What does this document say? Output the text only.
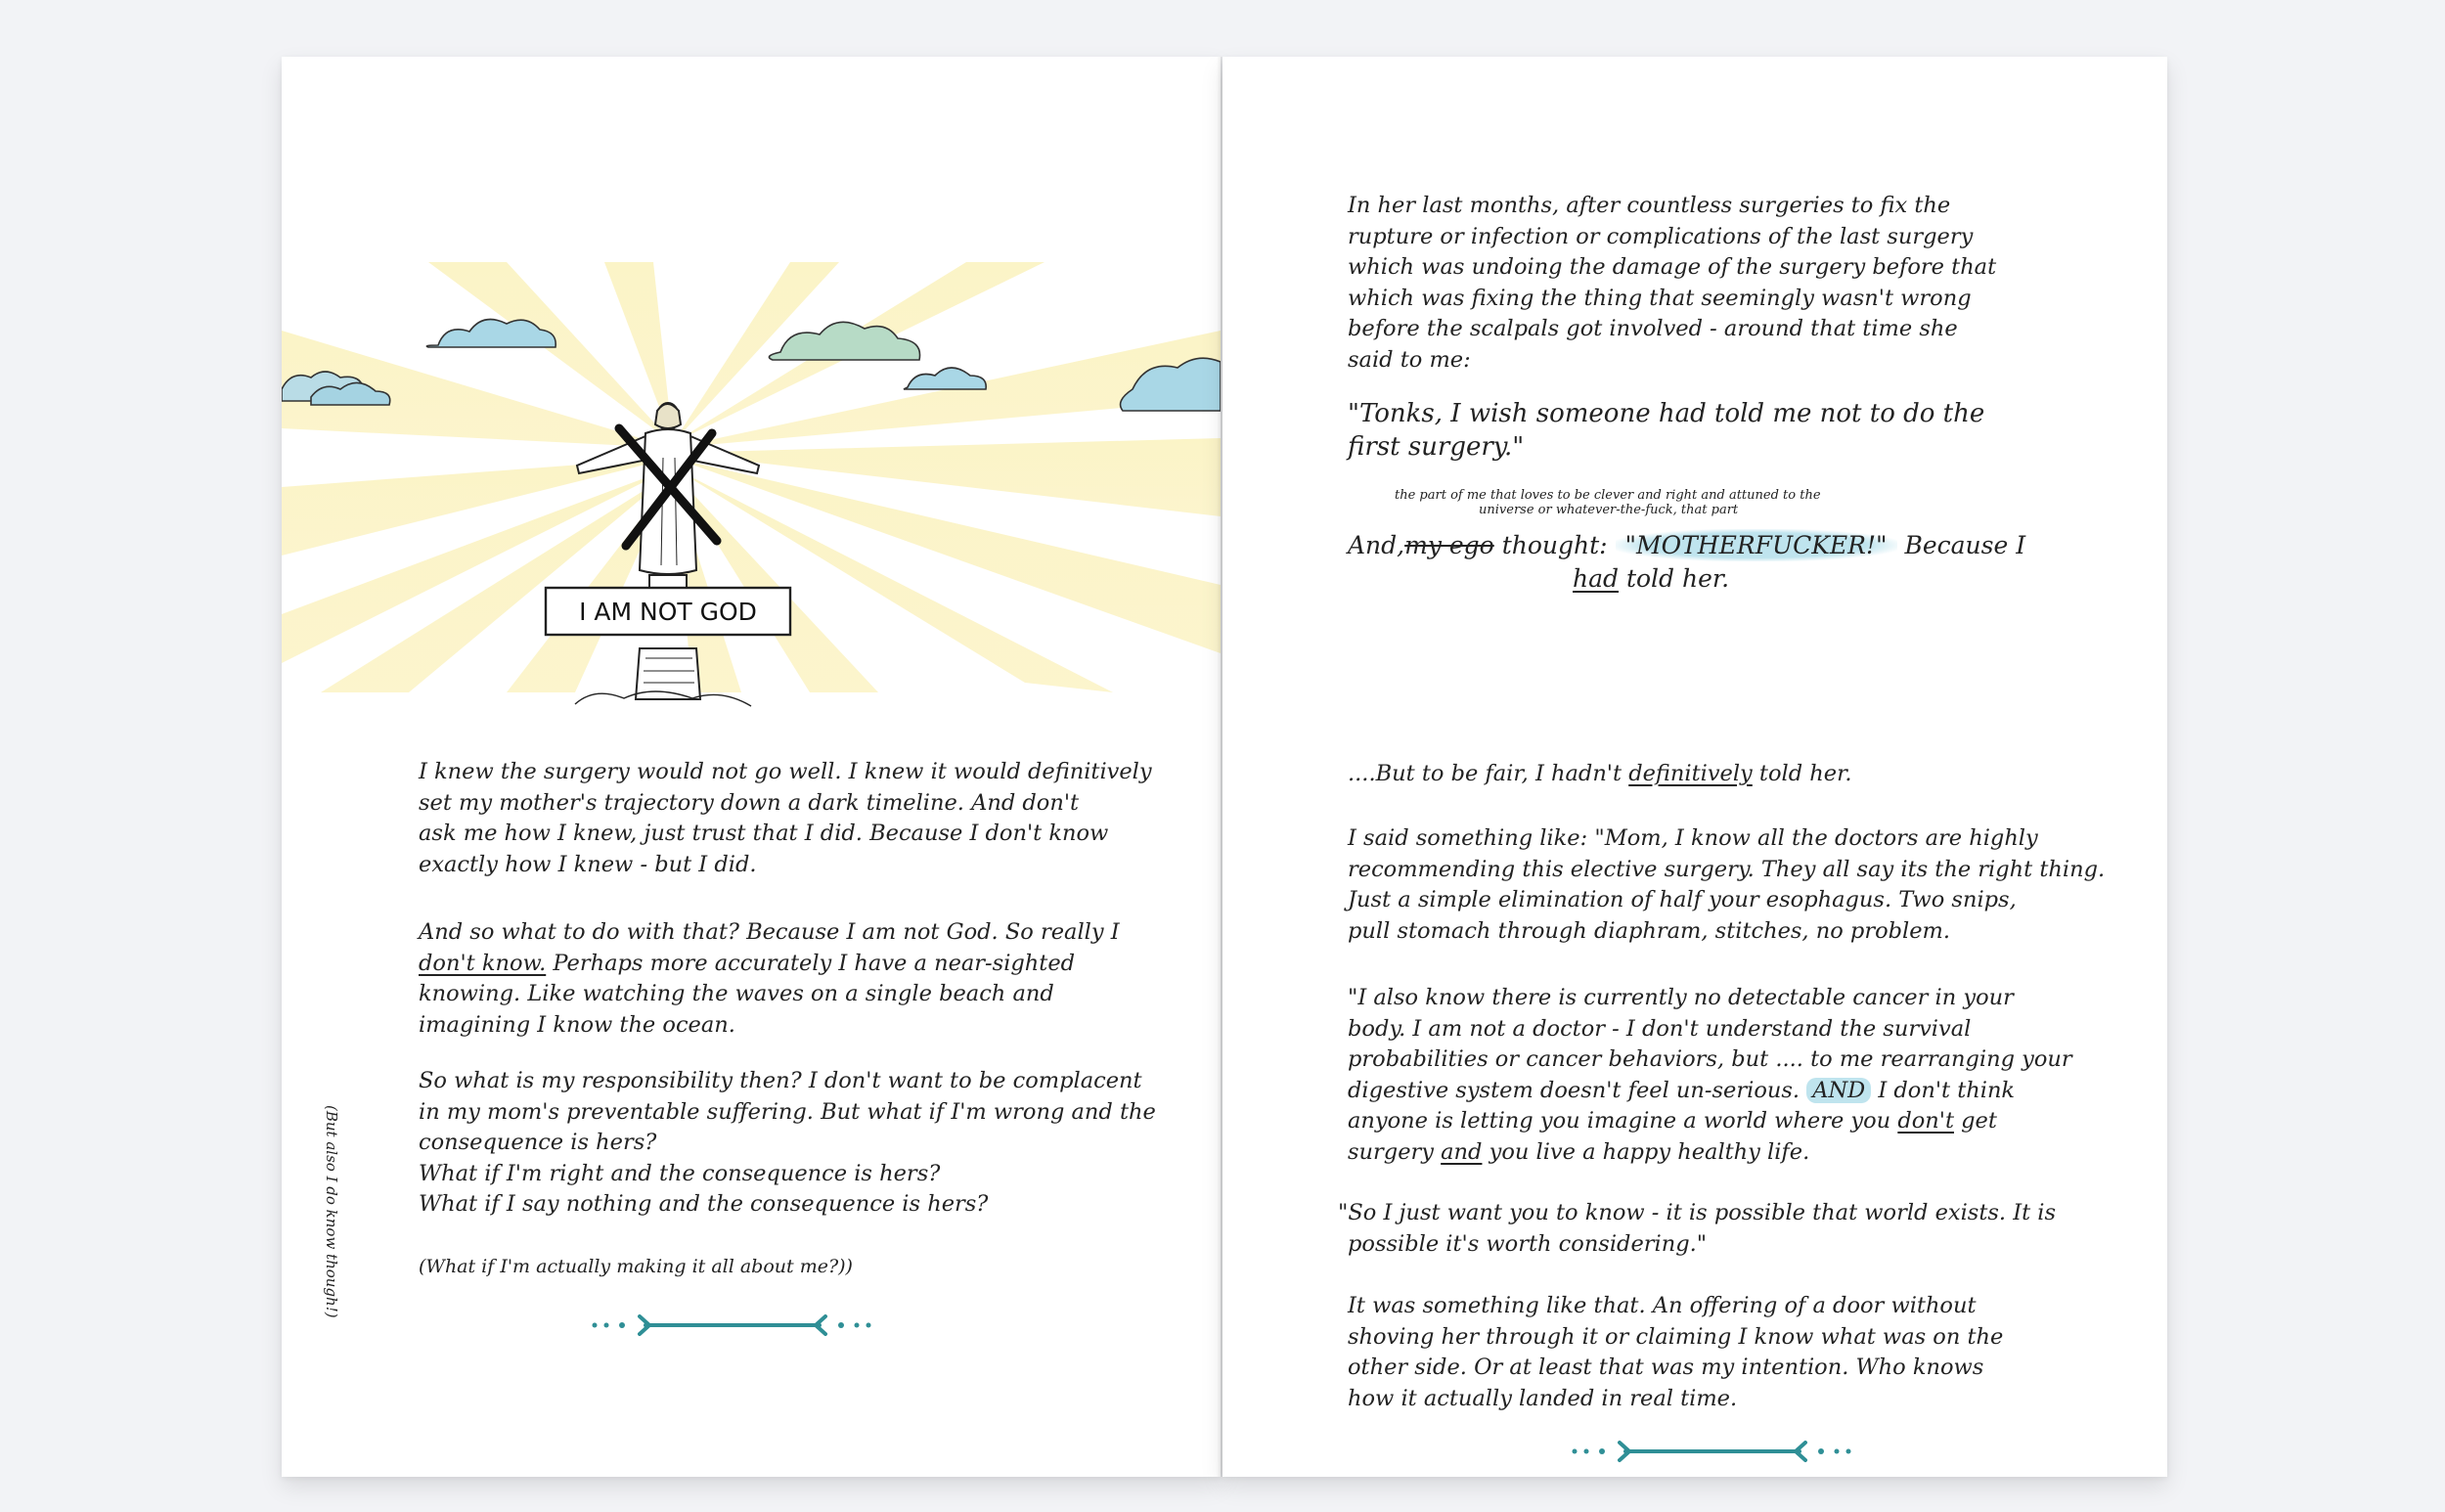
I AM NOT GOD

I knew the surgery would not go well. I knew it would definitively

set my mother's trajectory down a dark timeline. And don't

ask me how I knew, just trust that I did. Because I don't know

exactly how I knew - but I did.

And so what to do with that? Because I am not God. So really I

don't know. Perhaps more accurately I have a near-sighted

knowing. Like watching the waves on a single beach and

imagining I know the ocean.

(But also I do know though!)

So what is my responsibility then? I don't want to be complacent

in my mom's preventable suffering. But what if I'm wrong and the

consequence is hers?

What if I'm right and the consequence is hers?

What if I say nothing and the consequence is hers?

(What if I'm actually making it all about me?))

In her last months, after countless surgeries to fix the

rupture or infection or complications of the last surgery

which was undoing the damage of the surgery before that

which was fixing the thing that seemingly wasn't wrong

before the scalpals got involved - around that time she

said to me:

"Tonks, I wish someone had told me not to do the

first surgery."

the part of me that loves to be clever and right and attuned to the
universe or whatever-the-fuck, that part

And,my ego thought: "MOTHERFUCKER!" Because I

had told her.

....But to be fair, I hadn't definitively told her.

I said something like: "Mom, I know all the doctors are highly

recommending this elective surgery. They all say its the right thing.

Just a simple elimination of half your esophagus. Two snips,

pull stomach through diaphram, stitches, no problem.

"I also know there is currently no detectable cancer in your

body. I am not a doctor - I don't understand the survival

probabilities or cancer behaviors, but .... to me rearranging your

digestive system doesn't feel un-serious. AND I don't think

anyone is letting you imagine a world where you don't get

surgery and you live a happy healthy life.

"So I just want you to know - it is possible that world exists. It is

possible it's worth considering."

It was something like that. An offering of a door without

shoving her through it or claiming I know what was on the

other side. Or at least that was my intention. Who knows

how it actually landed in real time.
